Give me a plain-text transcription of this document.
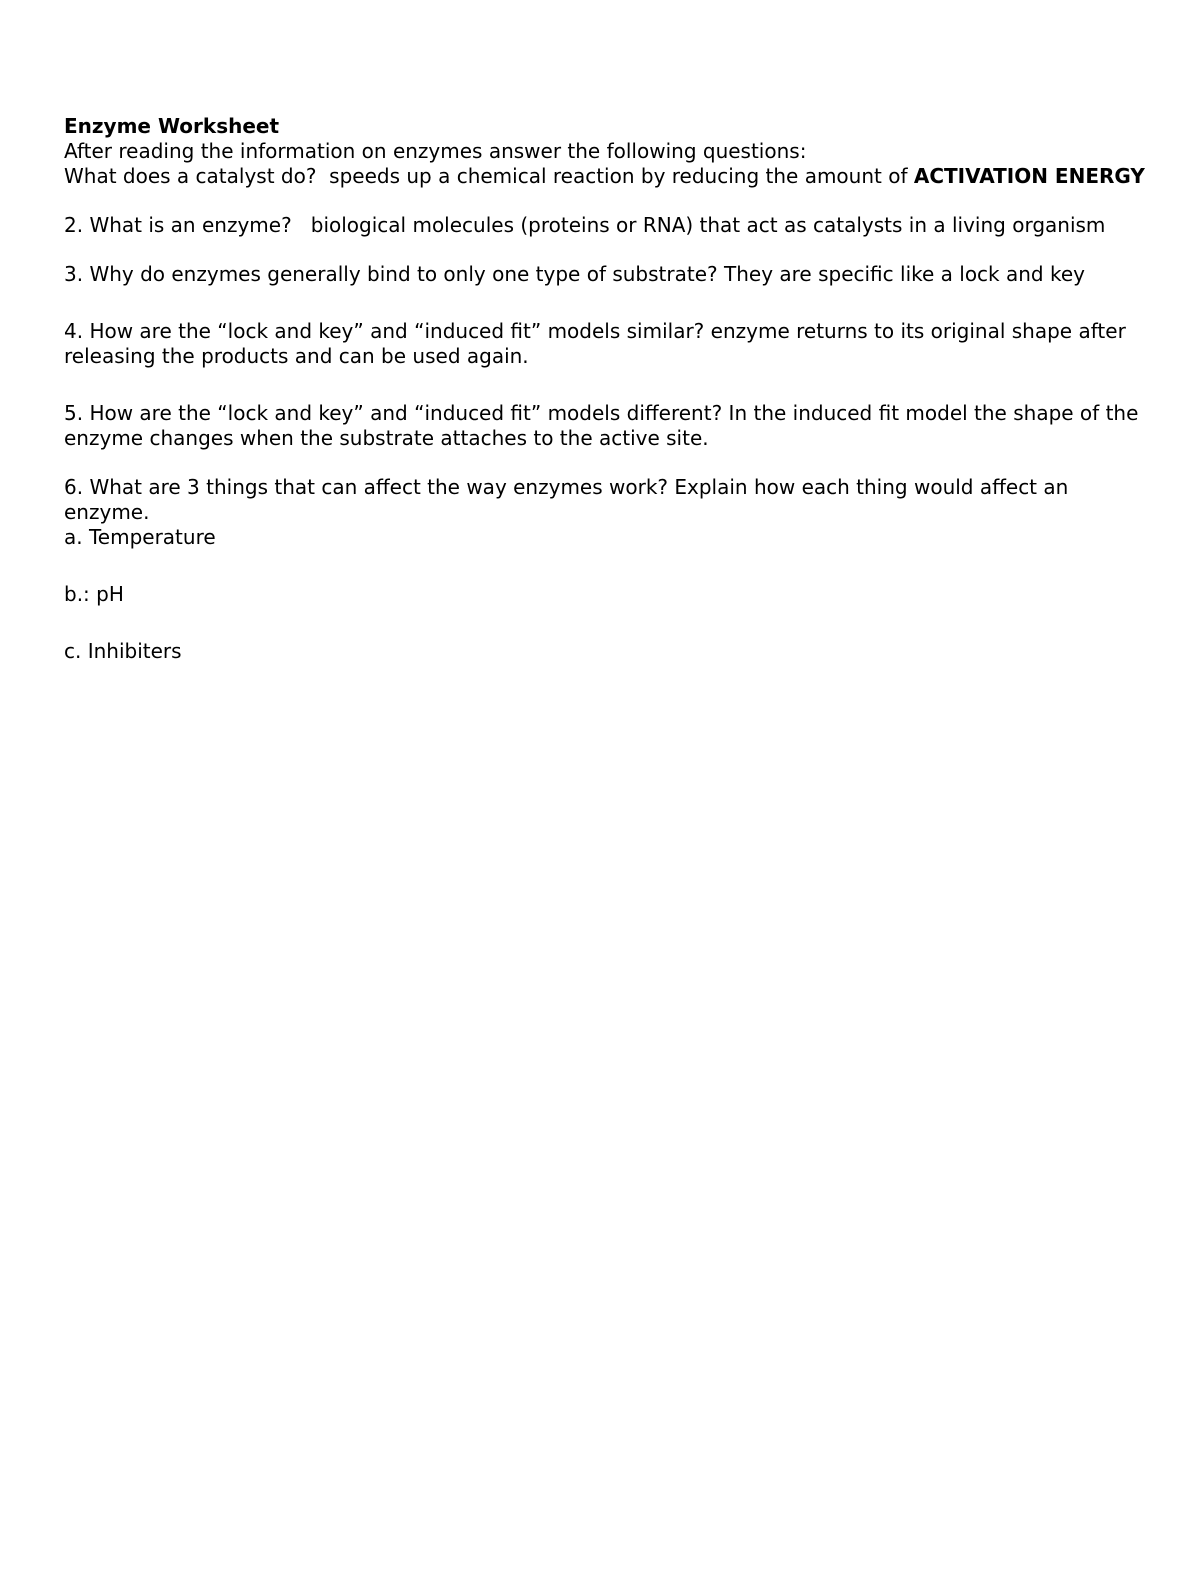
Enzyme Worksheet

After reading the information on enzymes answer the following questions:

What does a catalyst do?  speeds up a chemical reaction by reducing the amount of ACTIVATION ENERGY

2. What is an enzyme?   biological molecules (proteins or RNA) that act as catalysts in a living organism

3. Why do enzymes generally bind to only one type of substrate? They are specific like a lock and key

4. How are the “lock and key” and “induced fit” models similar? enzyme returns to its original shape after releasing the products and can be used again.

5. How are the “lock and key” and “induced fit” models different? In the induced fit model the shape of the enzyme changes when the substrate attaches to the active site.

6. What are 3 things that can affect the way enzymes work? Explain how each thing would affect an enzyme.

a. Temperature

b.: pH

c. Inhibiters
